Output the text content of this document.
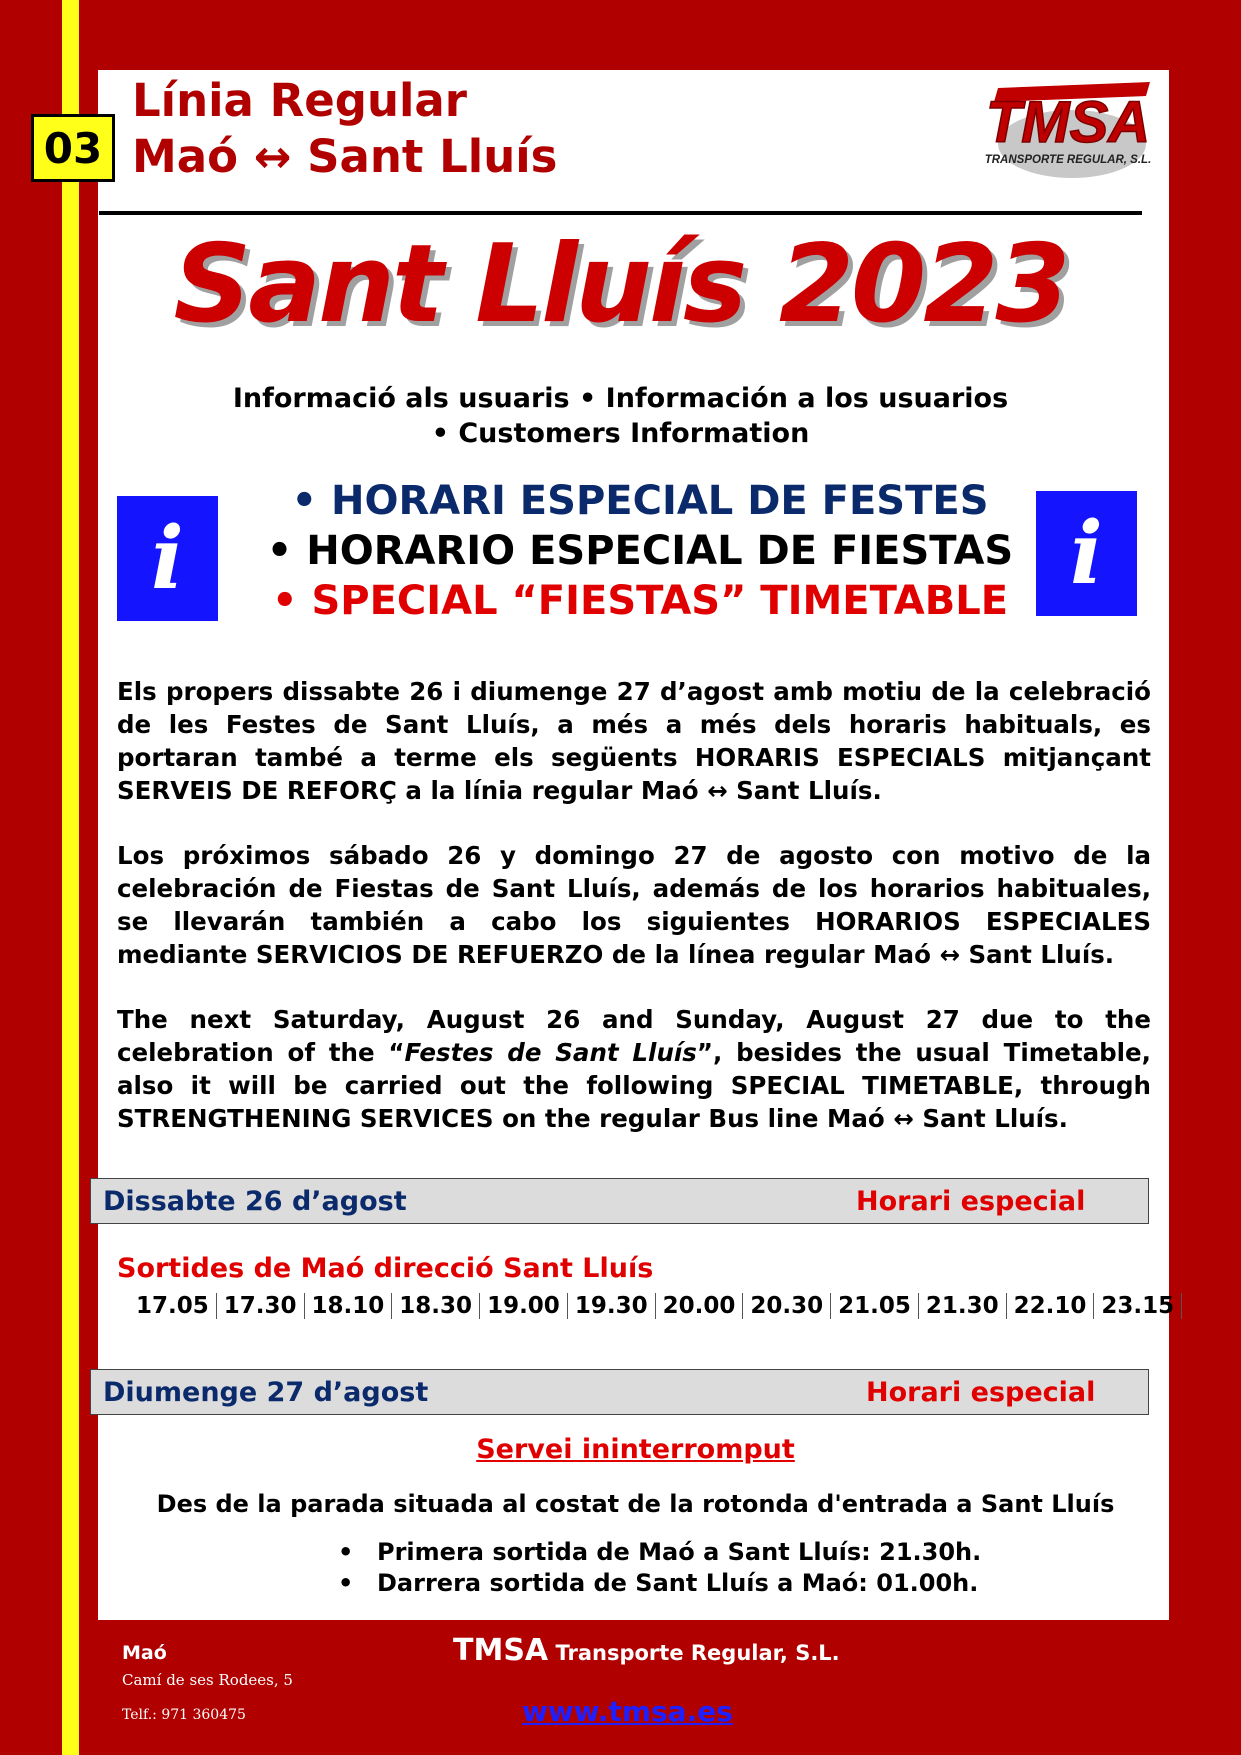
03
Línia Regular
Maó ↔ Sant Lluís
TMSA
TRANSPORTE REGULAR, S.L.
Sant Lluís 2023
Informació als usuaris • Información a los usuarios
• Customers Information
i	i
• HORARI ESPECIAL DE FESTES
• HORARIO ESPECIAL DE FIESTAS
• SPECIAL “FIESTAS” TIMETABLE
Els propers dissabte 26 i diumenge 27 d’agost amb motiu de la celebració de les Festes de Sant Lluís, a més a més dels horaris habituals, es portaran també a terme els següents HORARIS ESPECIALS mitjançant SERVEIS DE REFORÇ a la línia regular Maó ↔ Sant Lluís.
Los próximos sábado 26 y domingo 27 de agosto con motivo de la celebración de Fiestas de Sant Lluís, además de los horarios habituales, se llevarán también a cabo los siguientes HORARIOS ESPECIALES mediante SERVICIOS DE REFUERZO de la línea regular Maó ↔ Sant Lluís.
The next Saturday, August 26 and Sunday, August 27 due to the celebration of the “Festes de Sant Lluís”, besides the usual Timetable, also it will be carried out the following SPECIAL TIMETABLE, through STRENGTHENING SERVICES on the regular Bus line Maó ↔ Sant Lluís.
Dissabte 26 d’agost	Horari especial
Sortides de Maó direcció Sant Lluís
17.05 17.30 18.10 18.30 19.00 19.30 20.00 20.30 21.05 21.30 22.10 23.15
Diumenge 27 d’agost	Horari especial
Servei ininterromput
Des de la parada situada al costat de la rotonda d'entrada a Sant Lluís
• Primera sortida de Maó a Sant Lluís: 21.30h.
• Darrera sortida de Sant Lluís a Maó: 01.00h.
Maó
Camí de ses Rodees, 5
Telf.: 971 360475
TMSA Transporte Regular, S.L.
www.tmsa.es
